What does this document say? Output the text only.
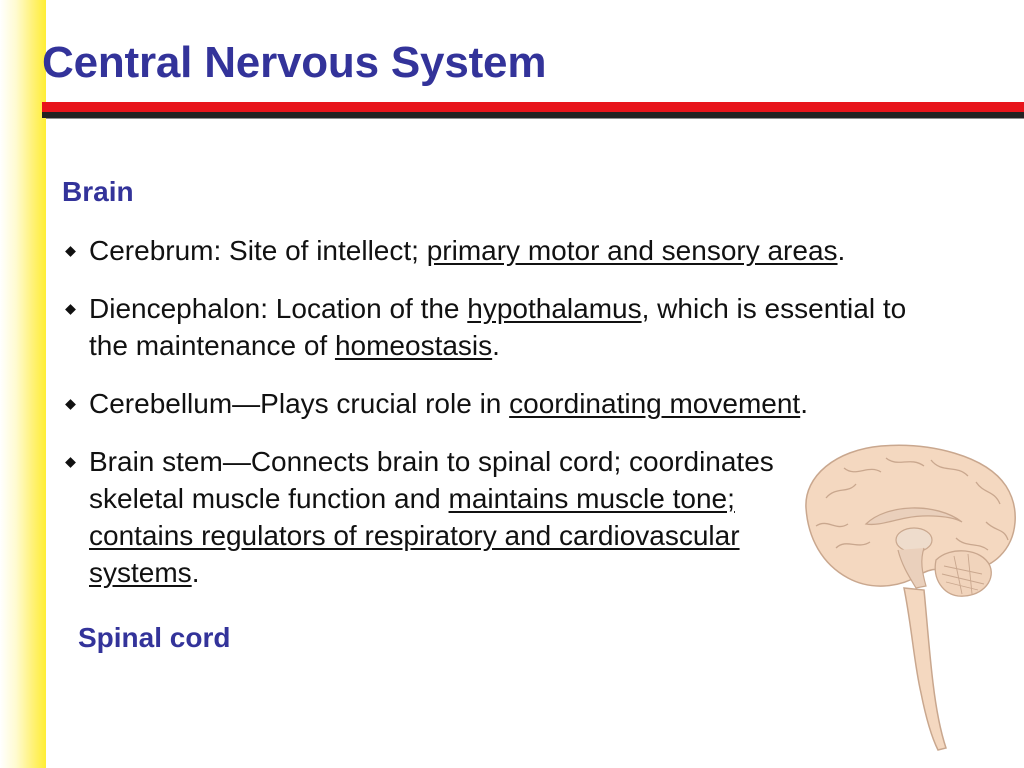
Central Nervous System
Brain
Cerebrum: Site of intellect; primary motor and sensory areas.
Diencephalon: Location of the hypothalamus, which is essential to the maintenance of homeostasis.
Cerebellum—Plays crucial role in coordinating movement.
Brain stem—Connects brain to spinal cord; coordinates skeletal muscle function and maintains muscle tone; contains regulators of respiratory and cardiovascular systems.
Spinal cord
